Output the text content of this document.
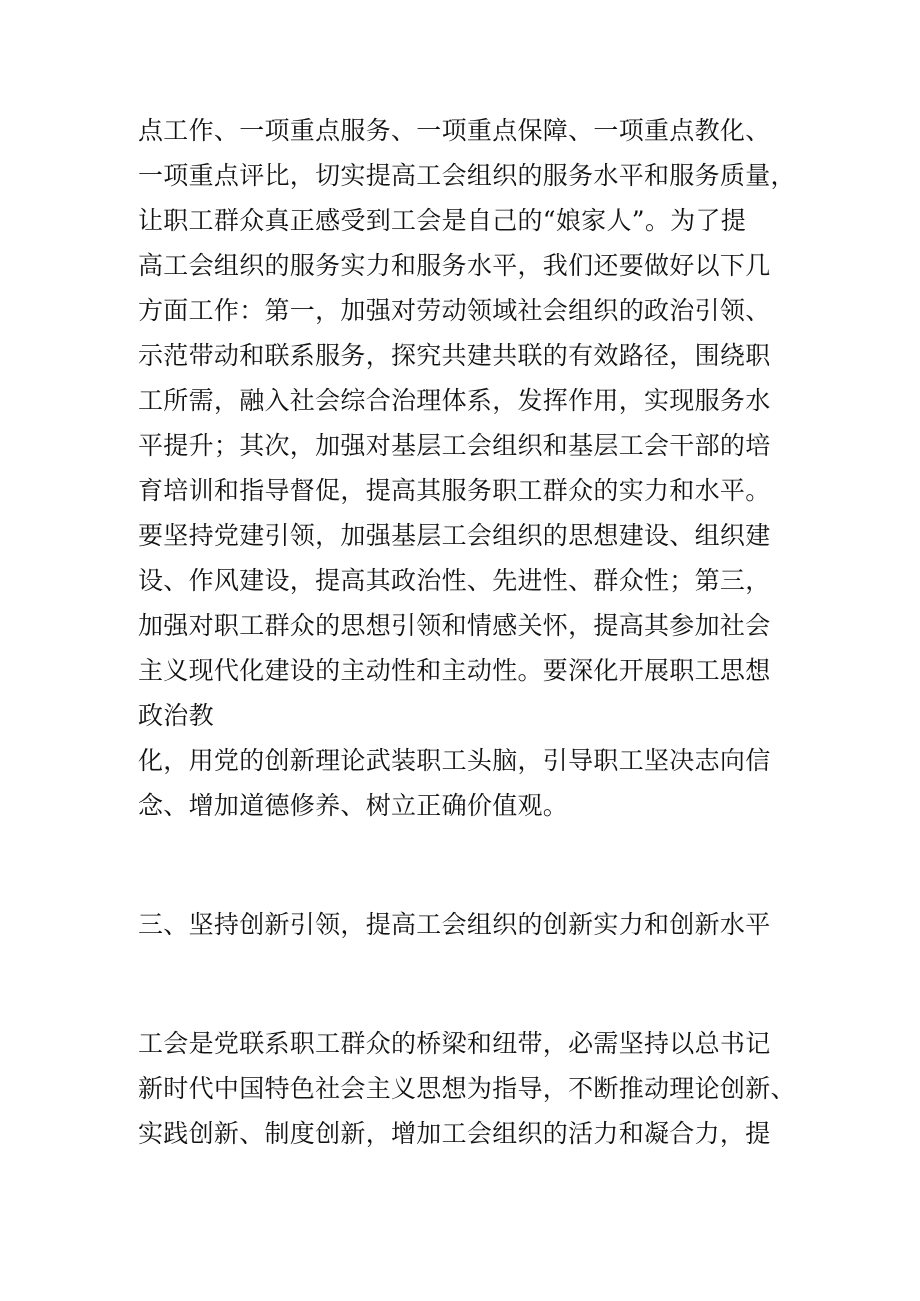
点工作、一项重点服务、一项重点保障、一项重点教化、
一项重点评比，切实提高工会组织的服务水平和服务质量，
让职工群众真正感受到工会是自己的“娘家人”。为了提
高工会组织的服务实力和服务水平，我们还要做好以下几
方面工作：第一，加强对劳动领域社会组织的政治引领、
示范带动和联系服务，探究共建共联的有效路径，围绕职
工所需，融入社会综合治理体系，发挥作用，实现服务水
平提升；其次，加强对基层工会组织和基层工会干部的培
育培训和指导督促，提高其服务职工群众的实力和水平。
要坚持党建引领，加强基层工会组织的思想建设、组织建
设、作风建设，提高其政治性、先进性、群众性；第三，
加强对职工群众的思想引领和情感关怀，提高其参加社会
主义现代化建设的主动性和主动性。要深化开展职工思想
政治教
化，用党的创新理论武装职工头脑，引导职工坚决志向信
念、增加道德修养、树立正确价值观。
三、坚持创新引领，提高工会组织的创新实力和创新水平
工会是党联系职工群众的桥梁和纽带，必需坚持以总书记
新时代中国特色社会主义思想为指导，不断推动理论创新、
实践创新、制度创新，增加工会组织的活力和凝合力，提
